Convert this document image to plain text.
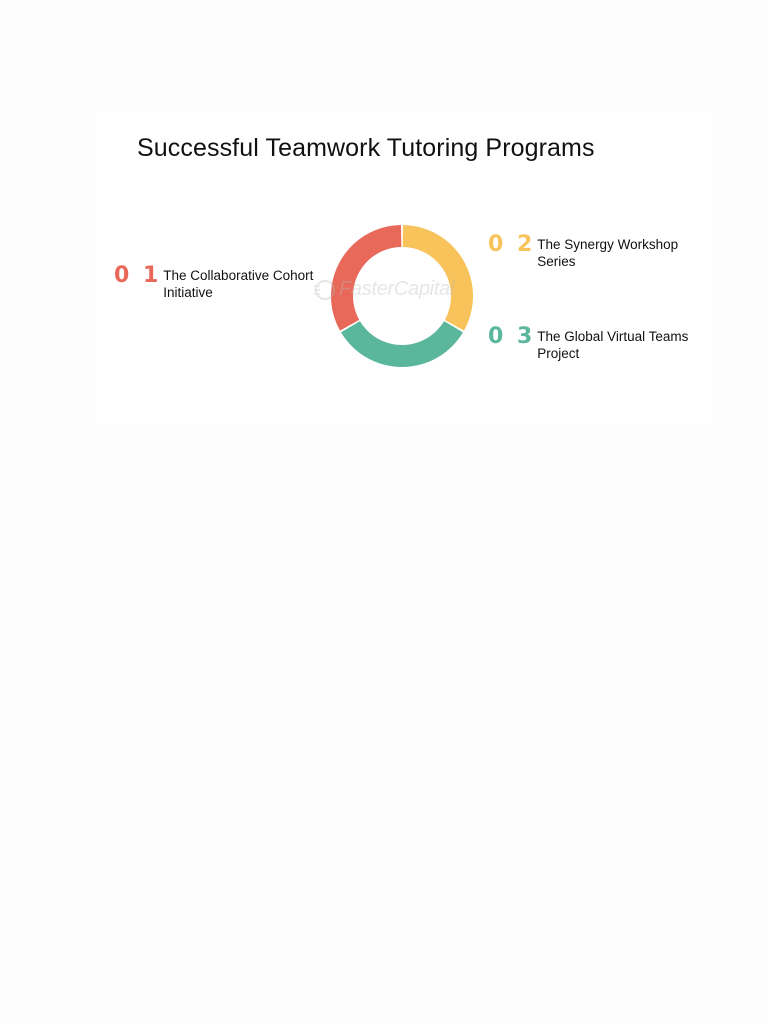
Successful Teamwork Tutoring Programs
0 1 The Collaborative Cohort Initiative
0 2 The Synergy Workshop Series
0 3 The Global Virtual Teams Project
FasterCapital
